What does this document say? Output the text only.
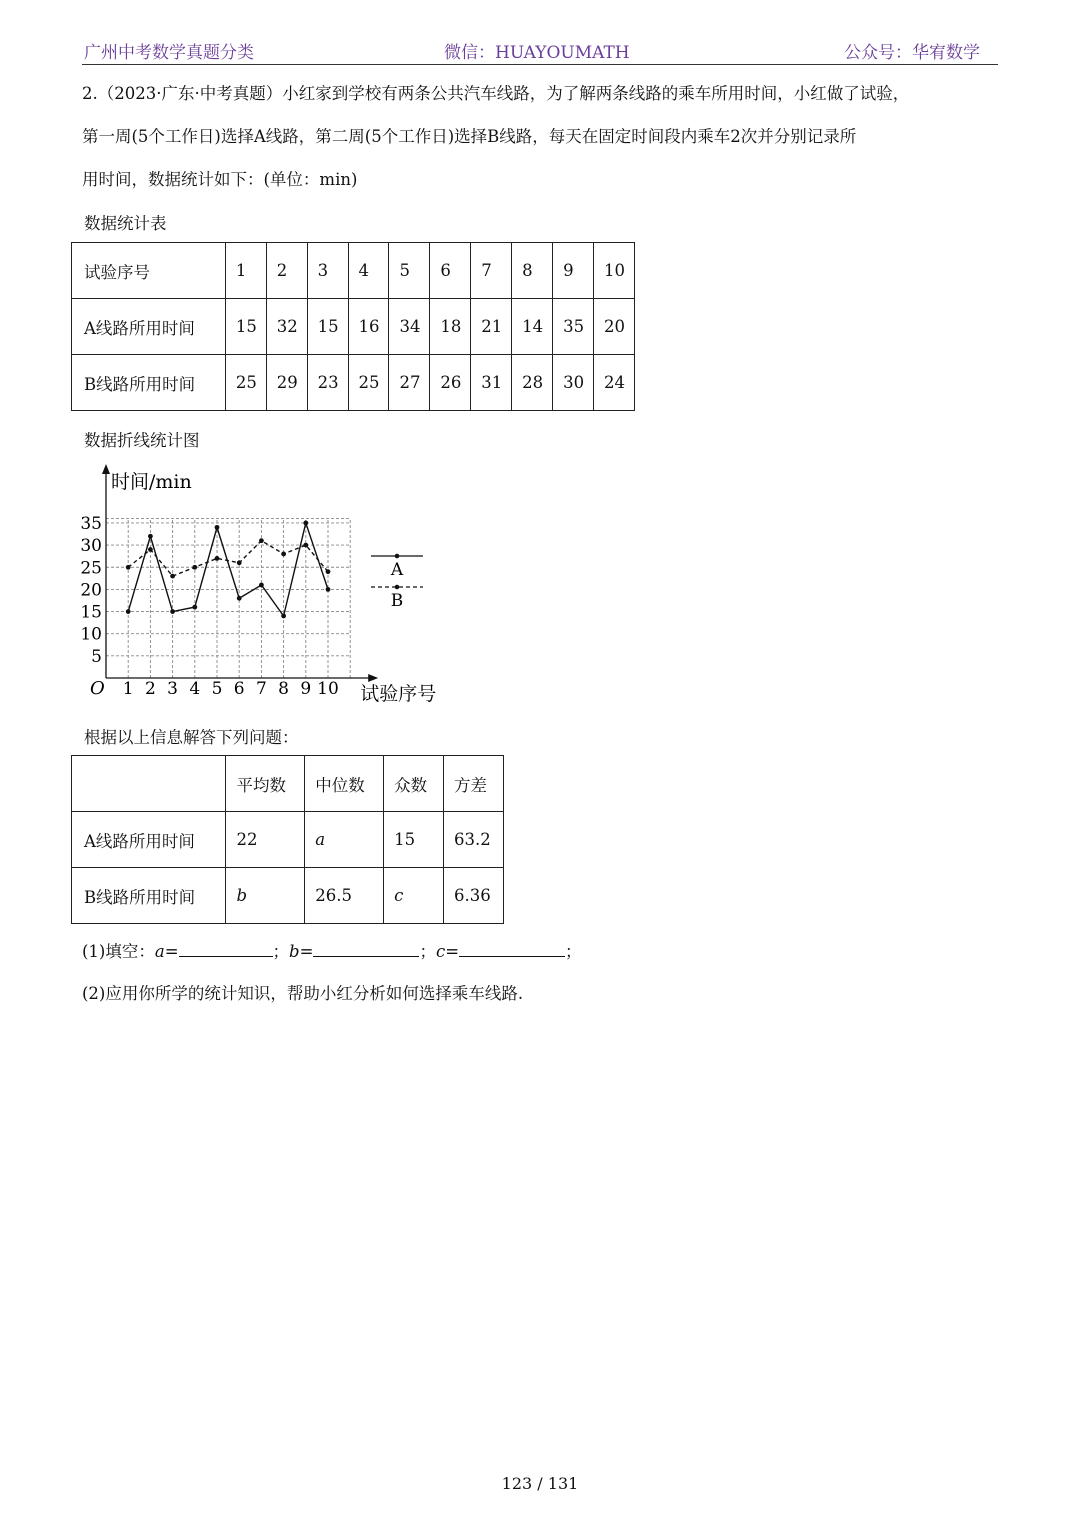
广州中考数学真题分类	微信：HUAYOUMATH	公众号：华宥数学
2.（2023·广东·中考真题）小红家到学校有两条公共汽车线路，为了解两条线路的乘车所用时间，小红做了试验，
第一周(5个工作日)选择A线路，第二周(5个工作日)选择B线路，每天在固定时间段内乘车2次并分别记录所
用时间，数据统计如下：(单位：min)
数据统计表
试验序号	1	2	3	4	5	6	7	8	9	10
A线路所用时间	15	32	15	16	34	18	21	14	35	20
B线路所用时间	25	29	23	25	27	26	31	28	30	24
数据折线统计图
时间/min
试验序号
O 1 2 3 4 5 6 7 8 9 10
5
10
15
20
25
30
35
A
B
根据以上信息解答下列问题：
	平均数	中位数	众数	方差
A线路所用时间	22	a	15	63.2
B线路所用时间	b	26.5	c	6.36
(1)填空：a=	；b=	；c=	；
(2)应用你所学的统计知识，帮助小红分析如何选择乘车线路.
123 / 131
